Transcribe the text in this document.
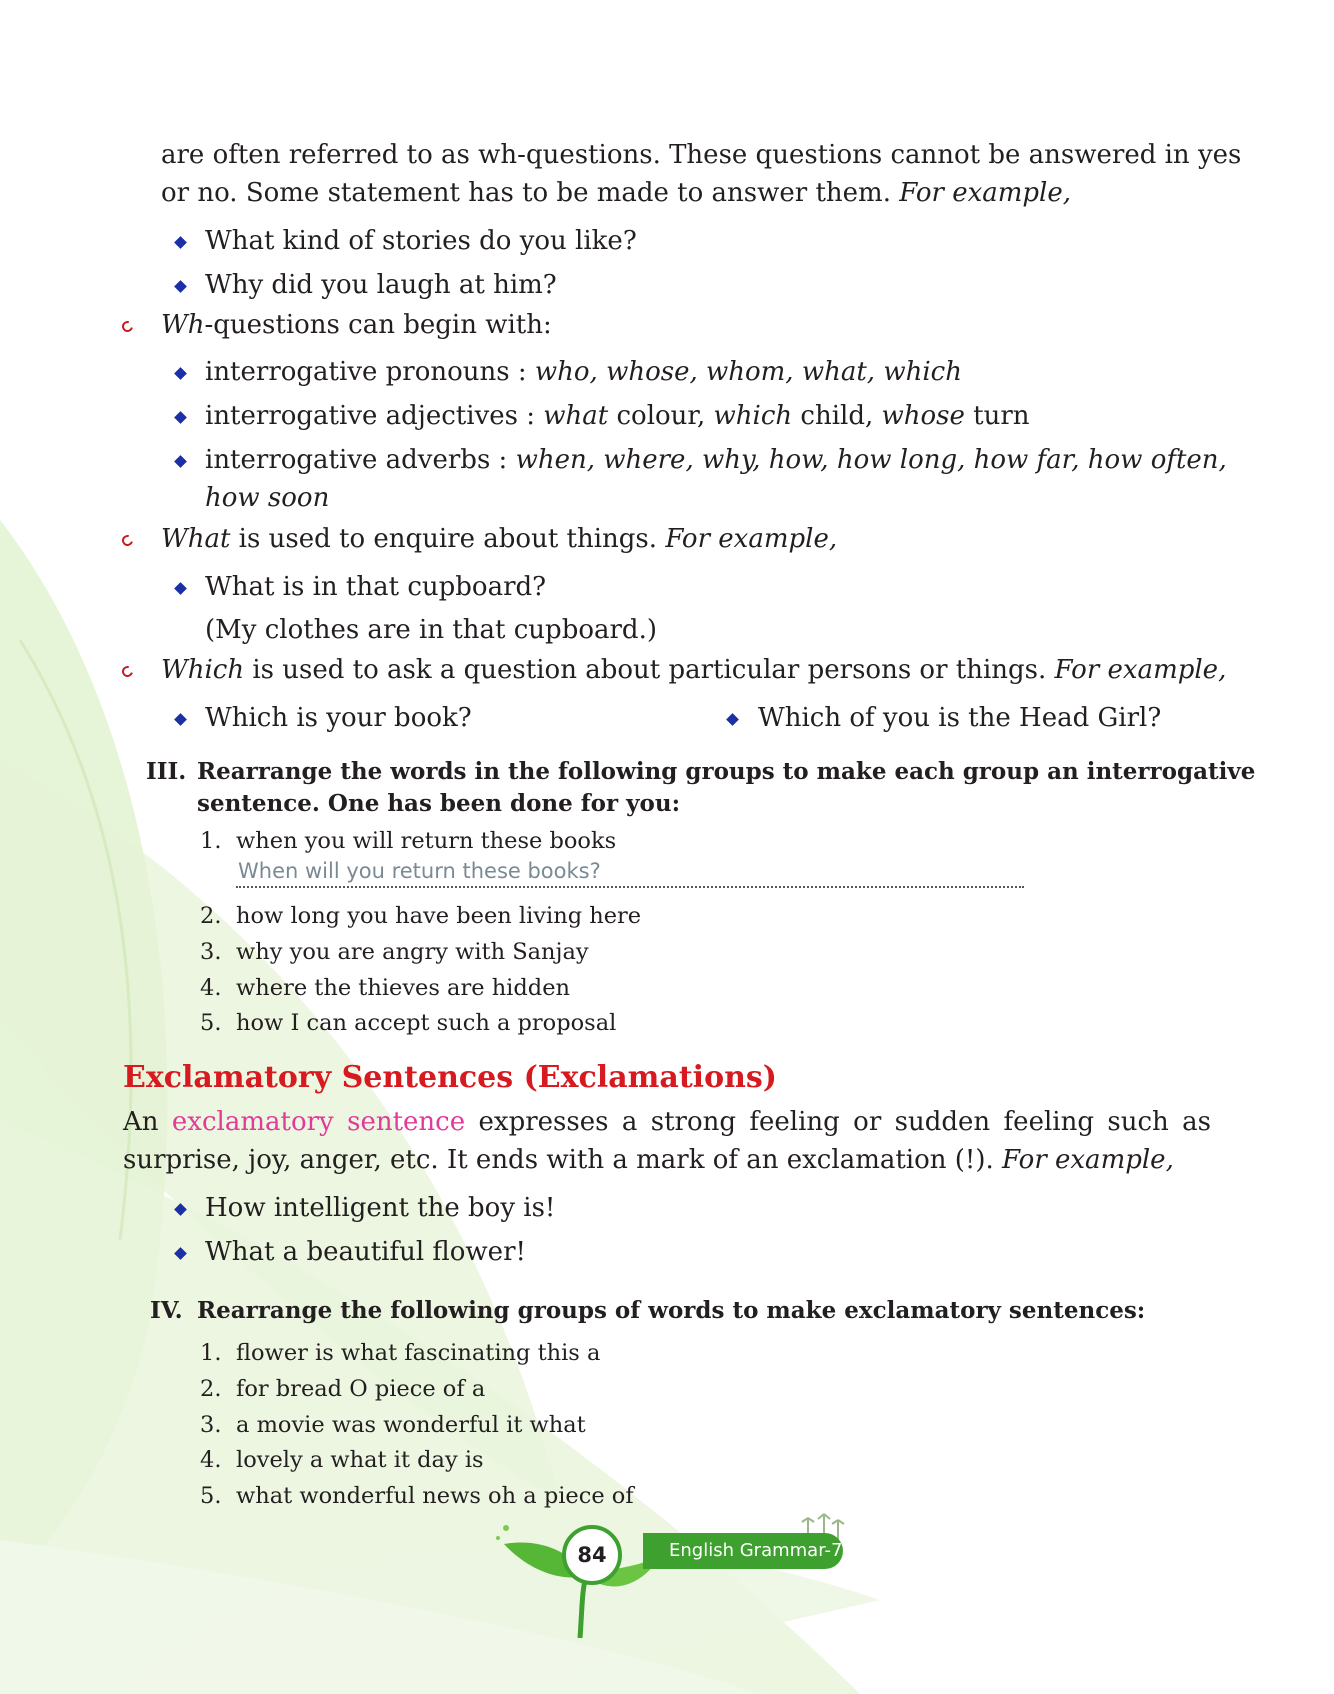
are often referred to as wh-questions. These questions cannot be answered in yes
or no. Some statement has to be made to answer them. For example,
What kind of stories do you like?
Why did you laugh at him?
Wh-questions can begin with:
interrogative pronouns : who, whose, whom, what, which
interrogative adjectives : what colour, which child, whose turn
interrogative adverbs : when, where, why, how, how long, how far, how often,
how soon
What is used to enquire about things. For example,
What is in that cupboard?
(My clothes are in that cupboard.)
Which is used to ask a question about particular persons or things. For example,
Which is your book?	Which of you is the Head Girl?
III. Rearrange the words in the following groups to make each group an interrogative
sentence. One has been done for you:
1. when you will return these books
When will you return these books?
2. how long you have been living here
3. why you are angry with Sanjay
4. where the thieves are hidden
5. how I can accept such a proposal
Exclamatory Sentences (Exclamations)
An exclamatory sentence expresses a strong feeling or sudden feeling such as
surprise, joy, anger, etc. It ends with a mark of an exclamation (!). For example,
How intelligent the boy is!
What a beautiful flower!
IV. Rearrange the following groups of words to make exclamatory sentences:
1. flower is what fascinating this a
2. for bread O piece of a
3. a movie was wonderful it what
4. lovely a what it day is
5. what wonderful news oh a piece of
English Grammar-7
84
